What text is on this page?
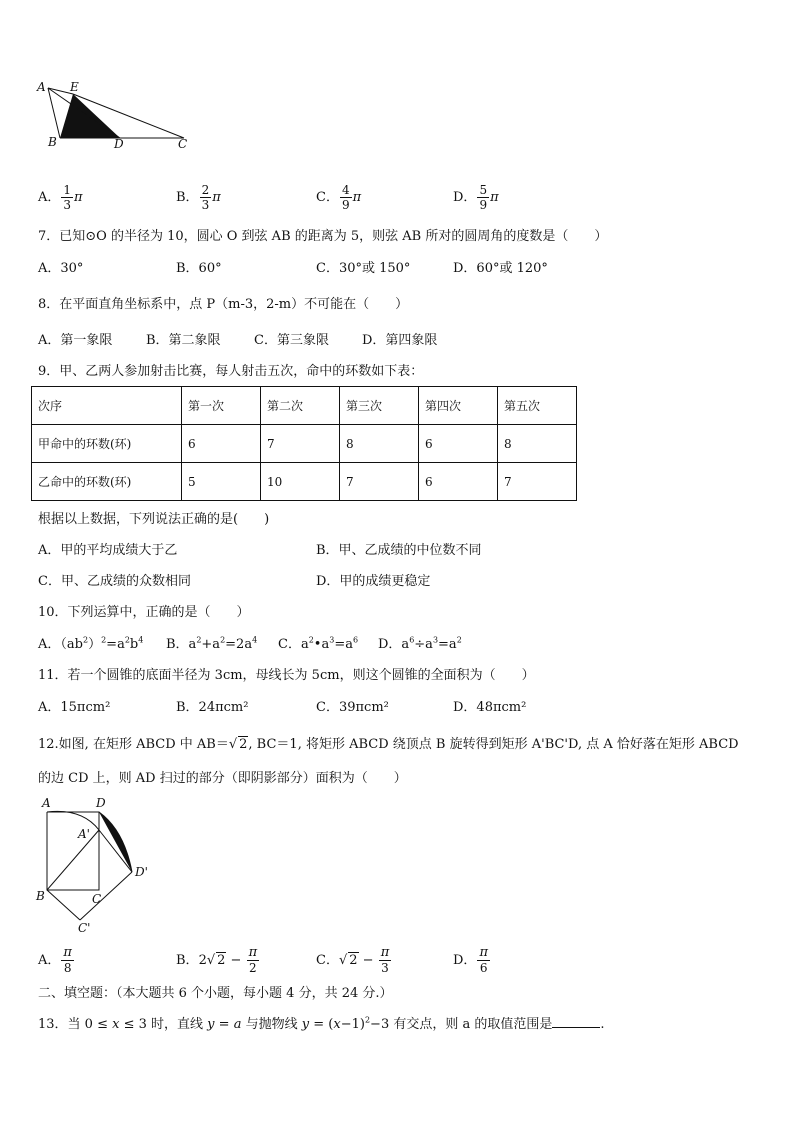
A E
B	D	C
A． $\frac{1}{3}$ π	B． $\frac{2}{3}$ π	C． $\frac{4}{9}$ π	D． $\frac{5}{9}$ π
7．已知⊙O 的半径为 10，圆心 O 到弦 AB 的距离为 5，则弦 AB 所对的圆周角的度数是（　　）
A．30°	B．60°	C．30°或 150°	D．60°或 120°
8．在平面直角坐标系中，点 P（m-3，2-m）不可能在（　　）
A．第一象限	B．第二象限	C．第三象限	D．第四象限
9．甲、乙两人参加射击比赛，每人射击五次，命中的环数如下表：
次序	第一次	第二次	第三次	第四次	第五次
甲命中的环数(环)	6	7	8	6	8
乙命中的环数(环)	5	10	7	6	7
根据以上数据，下列说法正确的是(　　)
A．甲的平均成绩大于乙	B．甲、乙成绩的中位数不同
C．甲、乙成绩的众数相同	D．甲的成绩更稳定
10．下列运算中，正确的是（　　）
A．$(ab^2)^2=a^2b^4$ B．$a^2+a^2=2a^4$ C．$a^2•a^3=a^6$ D．$a^6\div a^3=a^2$
11．若一个圆锥的底面半径为 3cm，母线长为 5cm，则这个圆锥的全面积为（　　）
A．15πcm²	B．24πcm²	C．39πcm²	D．48πcm²
12.如图, 在矩形 ABCD 中 AB＝√ 2, BC＝1, 将矩形 ABCD 绕顶点 B 旋转得到矩形 A'BC'D, 点 A 恰好落在矩形 ABCD
的边 CD 上，则 AD 扫过的部分（即阴影部分）面积为（　　）
A	D
A'
D'
B	C
C'
A． $\frac{\pi}{8}$	B．2√ $2 - \frac{\pi}{2}$	C．√ $2 - \frac{\pi}{3}$	D． $\frac{\pi}{6}$
二、填空题：（本大题共 6 个小题，每小题 4 分，共 24 分.）
13．当 0 ≤ x ≤ 3 时，直线 y = a 与抛物线 $y = (x-1)^2-3$ 有交点，则 a 的取值范围是	.
